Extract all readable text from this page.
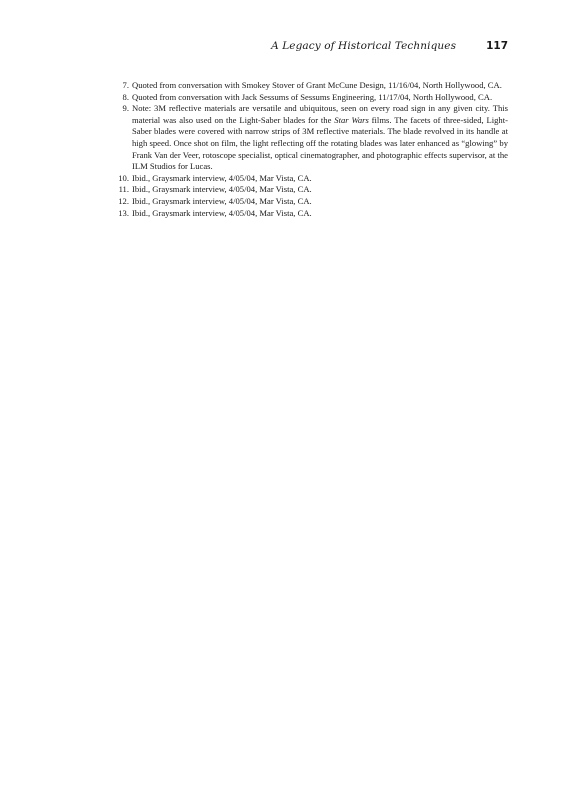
A Legacy of Historical Techniques	117
7. Quoted from conversation with Smokey Stover of Grant McCune Design, 11/16/04, North Hollywood, CA.
8. Quoted from conversation with Jack Sessums of Sessums Engineering, 11/17/04, North Hollywood, CA.
9. Note: 3M reflective materials are versatile and ubiquitous, seen on every road sign in any given city. This material was also used on the Light-Saber blades for the Star Wars films. The facets of three-sided, Light-Saber blades were covered with narrow strips of 3M reflective materials. The blade revolved in its handle at high speed. Once shot on film, the light reflecting off the rotating blades was later enhanced as “glowing” by Frank Van der Veer, rotoscope specialist, optical cinematographer, and photographic effects supervisor, at the ILM Studios for Lucas.
10. Ibid., Graysmark interview, 4/05/04, Mar Vista, CA.
11. Ibid., Graysmark interview, 4/05/04, Mar Vista, CA.
12. Ibid., Graysmark interview, 4/05/04, Mar Vista, CA.
13. Ibid., Graysmark interview, 4/05/04, Mar Vista, CA.
